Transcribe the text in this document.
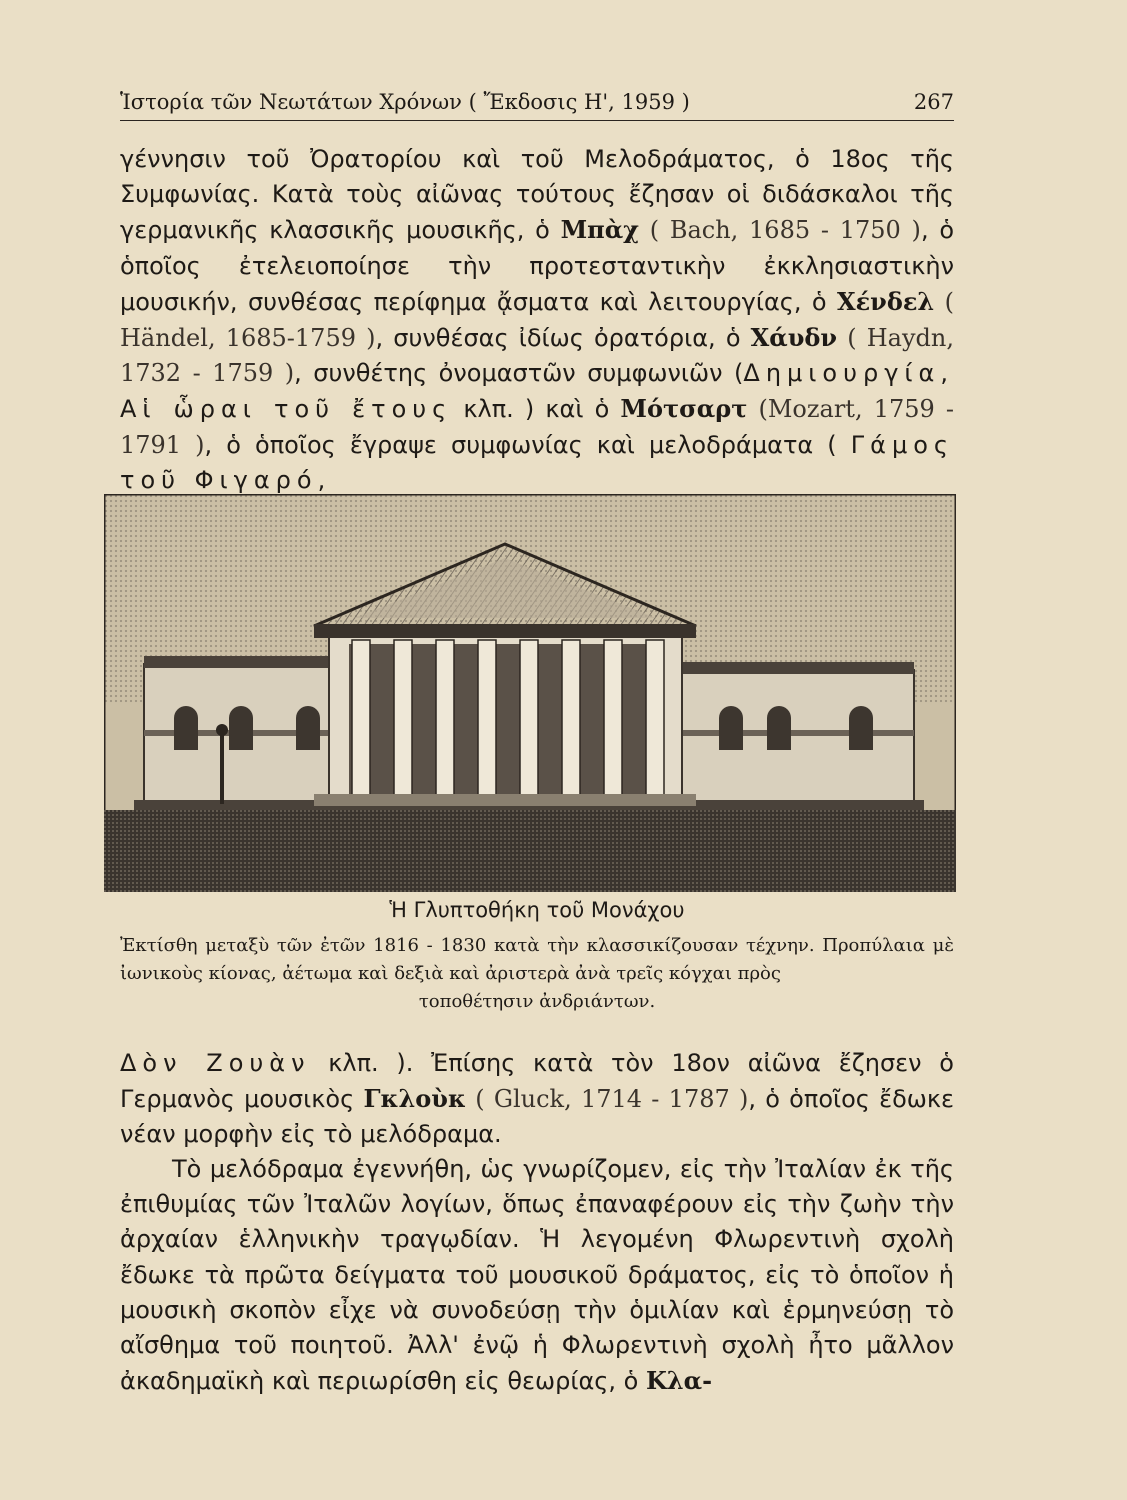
Ἱστορία τῶν Νεωτάτων Χρόνων ( Ἔκδοσις Η', 1959 )	267

γέννησιν τοῦ Ὀρατορίου καὶ τοῦ Μελοδράματος, ὁ 18ος τῆς Συμφωνίας. Κατὰ τοὺς αἰῶνας τούτους ἔζησαν οἱ διδάσκαλοι τῆς γερμανικῆς κλασσικῆς μουσικῆς, ὁ Μπὰχ ( Bach, 1685 - 1750 ), ὁ ὁποῖος ἐτελειοποίησε τὴν προτεσταντικὴν ἐκκλησιαστικὴν μουσικήν, συνθέσας περίφημα ᾄσματα καὶ λειτουργίας, ὁ Χένδελ ( Händel, 1685-1759 ), συνθέσας ἰδίως ὀρατόρια, ὁ Χάυδν ( Haydn, 1732 - 1759 ), συνθέτης ὀνομαστῶν συμφωνιῶν (Δημιουργία, Αἱ ὧραι τοῦ ἔτους κλπ. ) καὶ ὁ Μότσαρτ (Mozart, 1759 - 1791 ), ὁ ὁποῖος ἔγραψε συμφωνίας καὶ μελοδράματα ( Γάμος τοῦ Φιγαρό,

Ἡ Γλυπτοθήκη τοῦ Μονάχου
Ἐκτίσθη μεταξὺ τῶν ἐτῶν 1816 - 1830 κατὰ τὴν κλασσικίζουσαν τέχνην. Προπύλαια μὲ ἰωνικοὺς κίονας, ἀέτωμα καὶ δεξιὰ καὶ ἀριστερὰ ἀνὰ τρεῖς κόγχαι πρὸς
τοποθέτησιν ἀνδριάντων.

Δὸν Ζουὰν κλπ. ). Ἐπίσης κατὰ τὸν 18ον αἰῶνα ἔζησεν ὁ Γερμανὸς μουσικὸς Γκλοὺκ ( Gluck, 1714 - 1787 ), ὁ ὁποῖος ἔδωκε νέαν μορφὴν εἰς τὸ μελόδραμα.

Τὸ μελόδραμα ἐγεννήθη, ὡς γνωρίζομεν, εἰς τὴν Ἰταλίαν ἐκ τῆς ἐπιθυμίας τῶν Ἰταλῶν λογίων, ὅπως ἐπαναφέρουν εἰς τὴν ζωὴν τὴν ἀρχαίαν ἑλληνικὴν τραγῳδίαν. Ἡ λεγομένη Φλωρεντινὴ σχολὴ ἔδωκε τὰ πρῶτα δείγματα τοῦ μουσικοῦ δράματος, εἰς τὸ ὁποῖον ἡ μουσικὴ σκοπὸν εἶχε νὰ συνοδεύσῃ τὴν ὁμιλίαν καὶ ἑρμηνεύσῃ τὸ αἴσθημα τοῦ ποιητοῦ. Ἀλλ' ἐνῷ ἡ Φλωρεντινὴ σχολὴ ἦτο μᾶλλον ἀκαδημαϊκὴ καὶ περιωρίσθη εἰς θεωρίας, ὁ Κλα-
